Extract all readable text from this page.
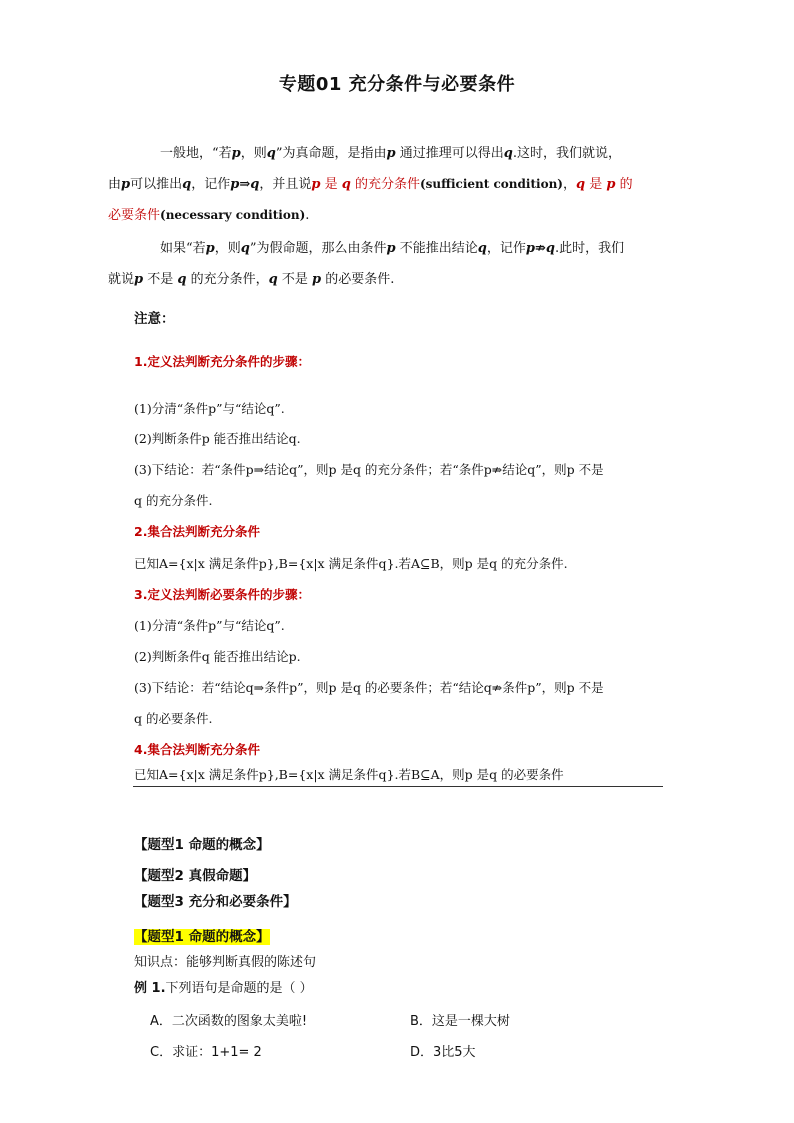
专题01 充分条件与必要条件
一般地，“若p，则q”为真命题，是指由p 通过推理可以得出q.这时，我们就说，
由p可以推出q，记作p⇒q，并且说p 是 q 的充分条件(sufficient condition)，q 是 p 的
必要条件(necessary condition).
如果“若p，则q”为假命题，那么由条件p 不能推出结论q，记作p⇏q.此时，我们
就说p 不是 q 的充分条件，q 不是 p 的必要条件.
注意：
1.定义法判断充分条件的步骤：
(1)分清“条件p”与“结论q”.
(2)判断条件p 能否推出结论q.
(3)下结论：若“条件p⇒结论q”，则p 是q 的充分条件；若“条件p⇏结论q”，则p 不是
q 的充分条件.
2.集合法判断充分条件
已知A={x|x 满足条件p},B={x|x 满足条件q}.若A⊆B，则p 是q 的充分条件.
3.定义法判断必要条件的步骤：
(1)分清“条件p”与“结论q”.
(2)判断条件q 能否推出结论p.
(3)下结论：若“结论q⇒条件p”，则p 是q 的必要条件；若“结论q⇏条件p”，则p 不是
q 的必要条件.
4.集合法判断充分条件
已知A={x|x 满足条件p},B={x|x 满足条件q}.若B⊆A，则p 是q 的必要条件
【题型1 命题的概念】
【题型2 真假命题】
【题型3 充分和必要条件】
【题型1 命题的概念】
知识点：能够判断真假的陈述句
例 1.下列语句是命题的是（ ）
A．二次函数的图象太美啦!	B．这是一棵大树
C．求证：1+1= 2	D．3比5大
